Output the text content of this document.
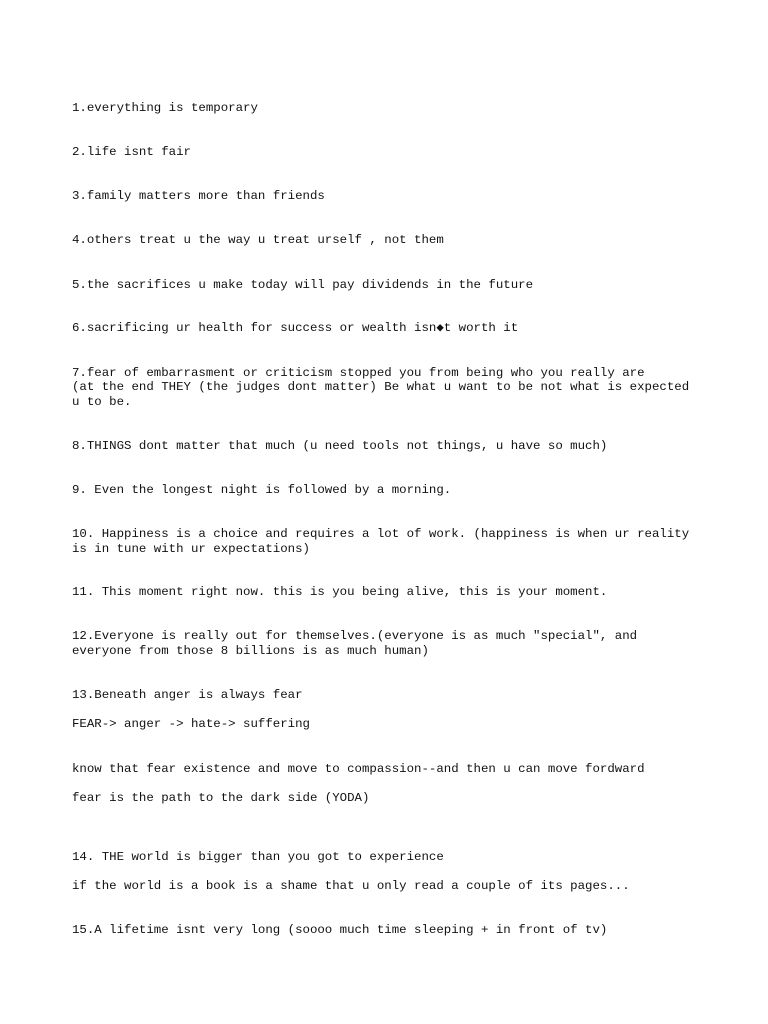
1.everything is temporary

2.life isnt fair

3.family matters more than friends

4.others treat u the way u treat urself , not them

5.the sacrifices u make today will pay dividends in the future

6.sacrificing ur health for success or wealth isn◆t worth it

7.fear of embarrasment or criticism stopped you from being who you really are

(at the end THEY (the judges dont matter) Be what u want to be not what is expected

u to be.

8.THINGS dont matter that much (u need tools not things, u have so much)

9. Even the longest night is followed by a morning.

10. Happiness is a choice and requires a lot of work. (happiness is when ur reality

is in tune with ur expectations)

11. This moment right now. this is you being alive, this is your moment.

12.Everyone is really out for themselves.(everyone is as much "special", and

everyone from those 8 billions is as much human)

13.Beneath anger is always fear

FEAR-> anger -> hate-> suffering

know that fear existence and move to compassion--and then u can move fordward

fear is the path to the dark side (YODA)

14. THE world is bigger than you got to experience

if the world is a book is a shame that u only read a couple of its pages...

15.A lifetime isnt very long (soooo much time sleeping + in front of tv)
